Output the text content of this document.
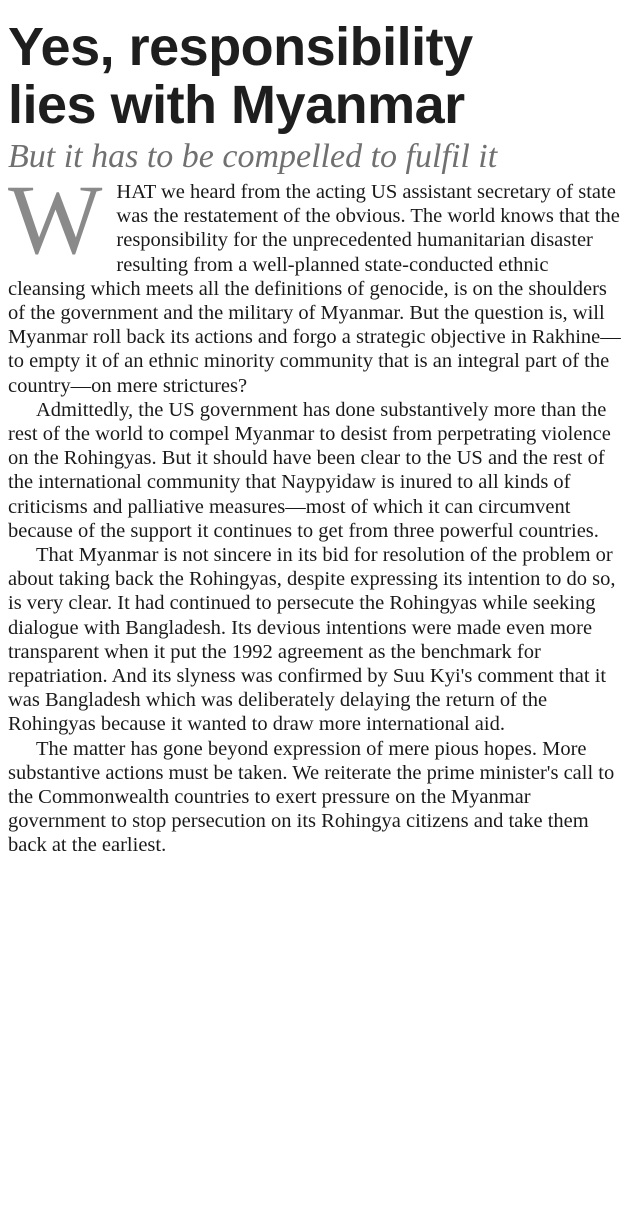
Yes, responsibility
lies with Myanmar
But it has to be compelled to fulfil it

WHAT we heard from the acting US assistant secretary of state was the restatement of the obvious. The world knows that the responsibility for the unprecedented humanitarian disaster resulting from a well-planned state-conducted ethnic cleansing which meets all the definitions of genocide, is on the shoulders of the government and the military of Myanmar. But the question is, will Myanmar roll back its actions and forgo a strategic objective in Rakhine—to empty it of an ethnic minority community that is an integral part of the country—on mere strictures?

Admittedly, the US government has done substantively more than the rest of the world to compel Myanmar to desist from perpetrating violence on the Rohingyas. But it should have been clear to the US and the rest of the international community that Naypyidaw is inured to all kinds of criticisms and palliative measures—most of which it can circumvent because of the support it continues to get from three powerful countries.

That Myanmar is not sincere in its bid for resolution of the problem or about taking back the Rohingyas, despite expressing its intention to do so, is very clear. It had continued to persecute the Rohingyas while seeking dialogue with Bangladesh. Its devious intentions were made even more transparent when it put the 1992 agreement as the benchmark for repatriation. And its slyness was confirmed by Suu Kyi's comment that it was Bangladesh which was deliberately delaying the return of the Rohingyas because it wanted to draw more international aid.

The matter has gone beyond expression of mere pious hopes. More substantive actions must be taken. We reiterate the prime minister's call to the Commonwealth countries to exert pressure on the Myanmar government to stop persecution on its Rohingya citizens and take them back at the earliest.
